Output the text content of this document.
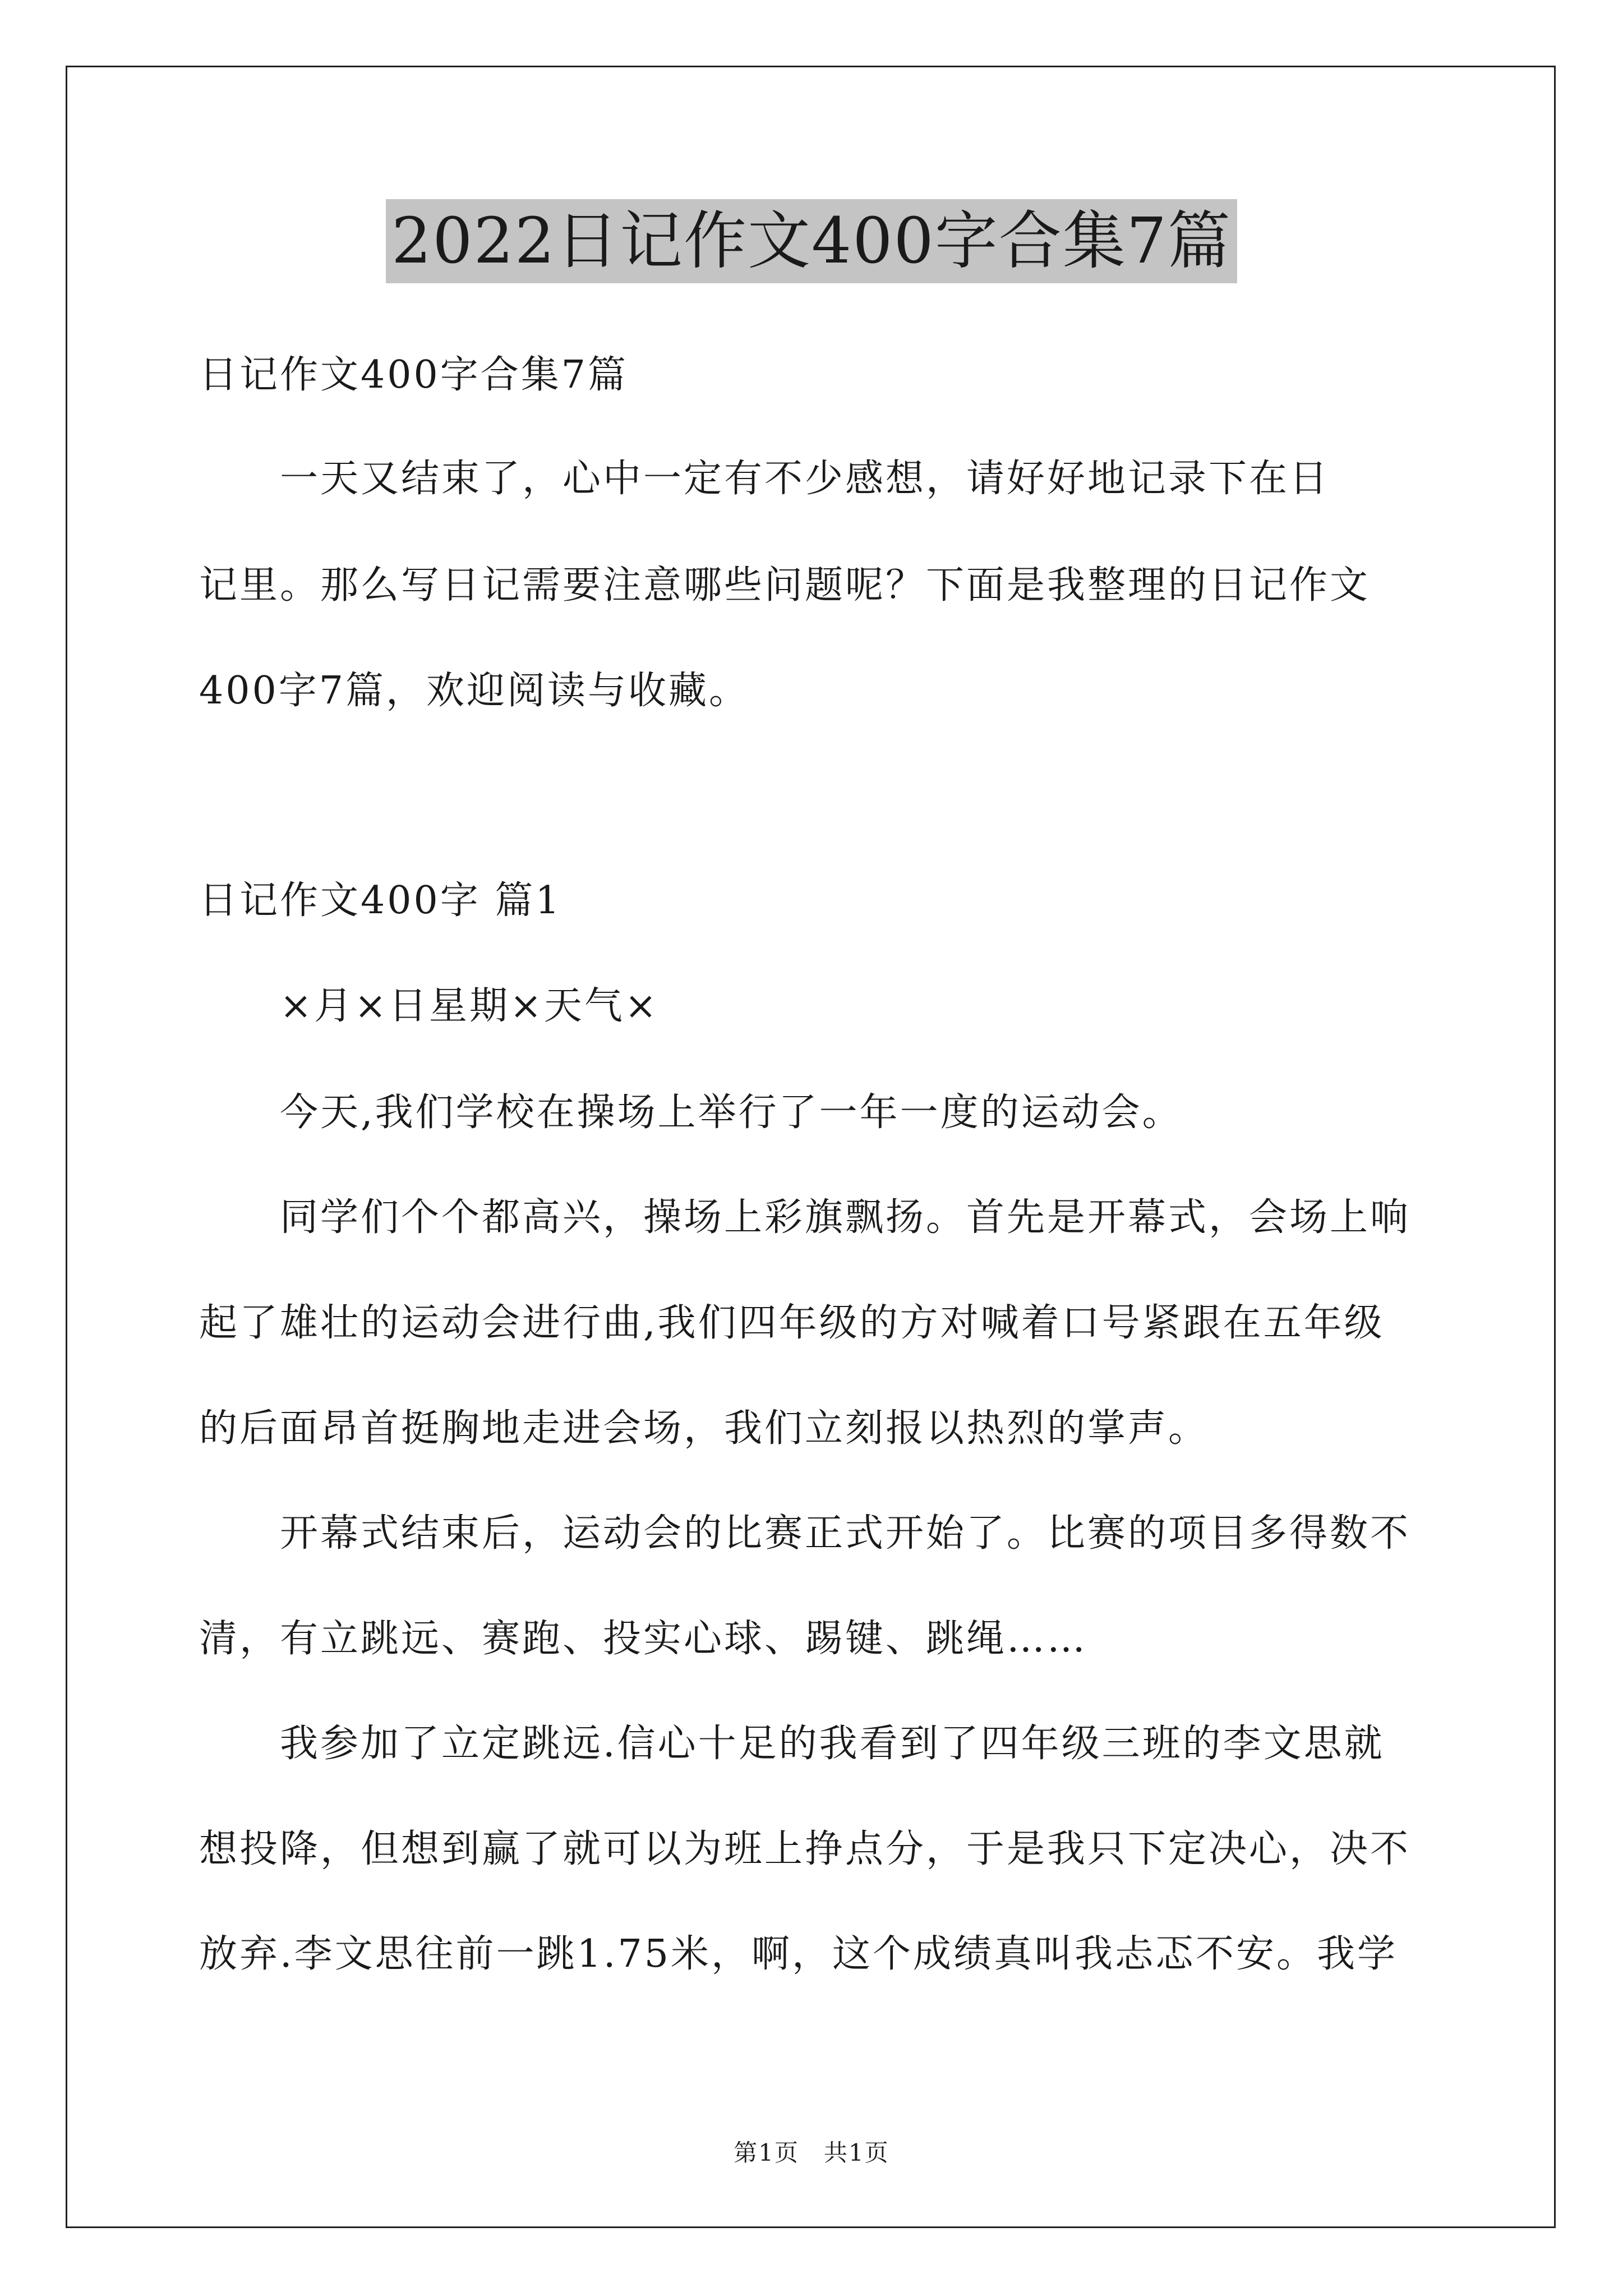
2022日记作文400字合集7篇
日记作文400字合集7篇
　　一天又结束了，心中一定有不少感想，请好好地记录下在日
记里。那么写日记需要注意哪些问题呢？下面是我整理的日记作文
400字7篇，欢迎阅读与收藏。
日记作文400字 篇1
　　×月×日星期×天气×
　　今天,我们学校在操场上举行了一年一度的运动会。
　　同学们个个都高兴，操场上彩旗飘扬。首先是开幕式，会场上响
起了雄壮的运动会进行曲,我们四年级的方对喊着口号紧跟在五年级
的后面昂首挺胸地走进会场，我们立刻报以热烈的掌声。
　　开幕式结束后，运动会的比赛正式开始了。比赛的项目多得数不
清，有立跳远、赛跑、投实心球、踢键、跳绳……
　　我参加了立定跳远.信心十足的我看到了四年级三班的李文思就
想投降，但想到赢了就可以为班上挣点分，于是我只下定决心，决不
放弃.李文思往前一跳1.75米，啊，这个成绩真叫我忐忑不安。我学
第1页　共1页
